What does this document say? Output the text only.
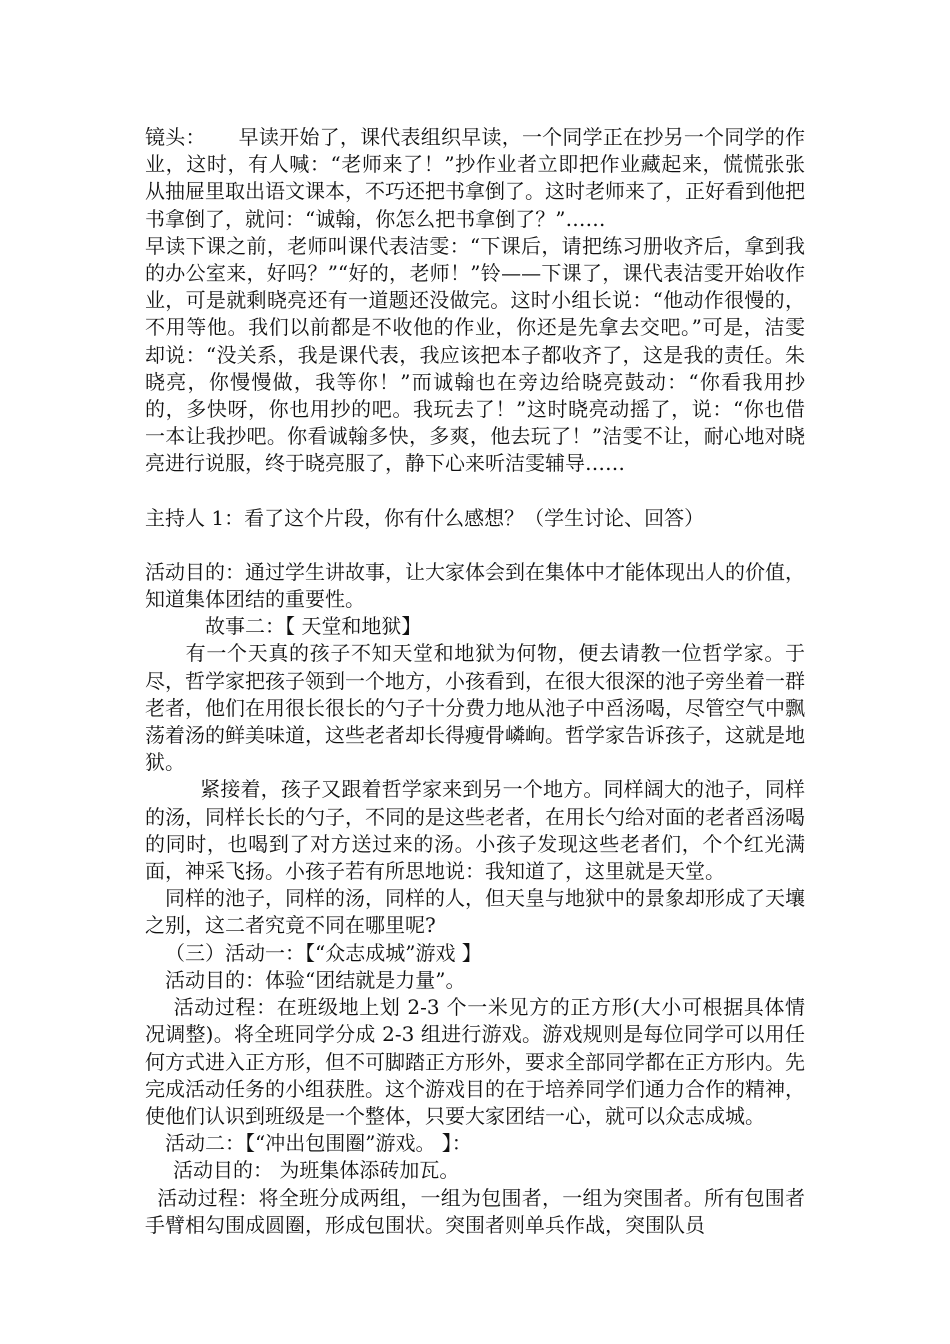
镜头： 早读开始了，课代表组织早读，一个同学正在抄另一个同学的作业，这时，有人喊：“老师来了！”抄作业者立即把作业藏起来，慌慌张张从抽屉里取出语文课本，不巧还把书拿倒了。这时老师来了，正好看到他把书拿倒了，就问：“诚翰，你怎么把书拿倒了？”……

早读下课之前，老师叫课代表洁雯：“下课后，请把练习册收齐后，拿到我的办公室来，好吗？”“好的，老师！”铃——下课了，课代表洁雯开始收作业，可是就剩晓亮还有一道题还没做完。这时小组长说：“他动作很慢的，不用等他。我们以前都是不收他的作业，你还是先拿去交吧。”可是，洁雯却说：“没关系，我是课代表，我应该把本子都收齐了，这是我的责任。朱晓亮，你慢慢做，我等你！”而诚翰也在旁边给晓亮鼓动：“你看我用抄的，多快呀，你也用抄的吧。我玩去了！”这时晓亮动摇了，说：“你也借一本让我抄吧。你看诚翰多快，多爽，他去玩了！”洁雯不让，耐心地对晓亮进行说服，终于晓亮服了，静下心来听洁雯辅导……

主持人 1：看了这个片段，你有什么感想？（学生讨论、回答）

活动目的：通过学生讲故事，让大家体会到在集体中才能体现出人的价值，知道集体团结的重要性。

故事二：【 天堂和地狱】

有一个天真的孩子不知天堂和地狱为何物，便去请教一位哲学家。于尽，哲学家把孩子领到一个地方，小孩看到，在很大很深的池子旁坐着一群老者，他们在用很长很长的勺子十分费力地从池子中舀汤喝，尽管空气中飘荡着汤的鲜美味道，这些老者却长得瘦骨嶙峋。哲学家告诉孩子，这就是地狱。

紧接着，孩子又跟着哲学家来到另一个地方。同样阔大的池子，同样的汤，同样长长的勺子，不同的是这些老者，在用长勺给对面的老者舀汤喝的同时，也喝到了对方送过来的汤。小孩子发现这些老者们，个个红光满面，神采飞扬。小孩子若有所思地说：我知道了，这里就是天堂。

同样的池子，同样的汤，同样的人，但天皇与地狱中的景象却形成了天壤之别，这二者究竟不同在哪里呢?

（三）活动一：【“众志成城”游戏 】

活动目的：体验“团结就是力量”。

活动过程：在班级地上划 2-3 个一米见方的正方形(大小可根据具体情况调整)。将全班同学分成 2-3 组进行游戏。游戏规则是每位同学可以用任何方式进入正方形，但不可脚踏正方形外，要求全部同学都在正方形内。先完成活动任务的小组获胜。这个游戏目的在于培养同学们通力合作的精神，使他们认识到班级是一个整体，只要大家团结一心，就可以众志成城。

活动二：【“冲出包围圈”游戏。 】：

活动目的： 为班集体添砖加瓦。

活动过程：将全班分成两组，一组为包围者，一组为突围者。所有包围者手臂相勾围成圆圈，形成包围状。突围者则单兵作战，突围队员
